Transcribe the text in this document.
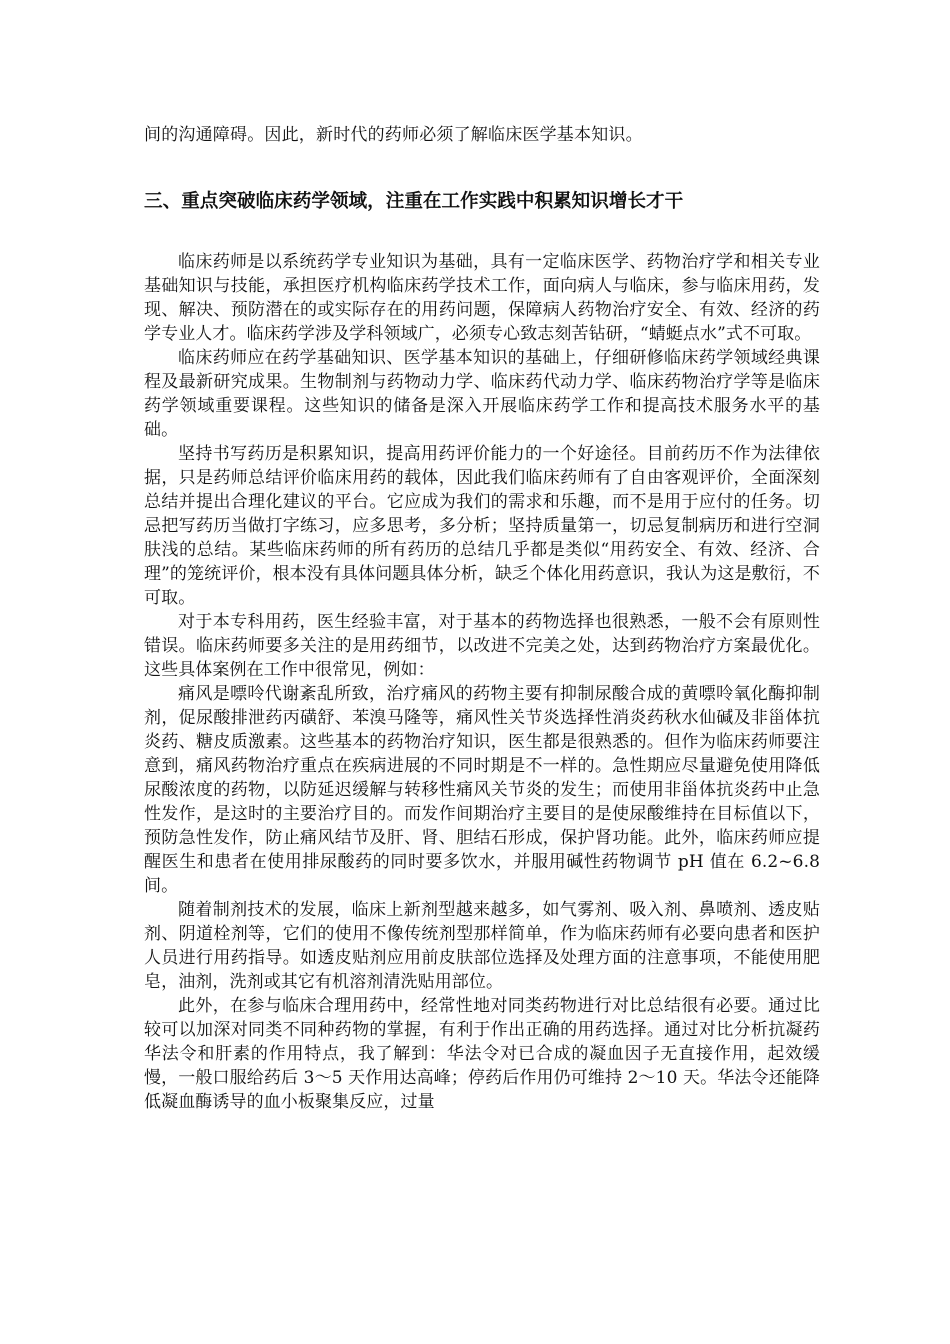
间的沟通障碍。因此，新时代的药师必须了解临床医学基本知识。

三、重点突破临床药学领域，注重在工作实践中积累知识增长才干

临床药师是以系统药学专业知识为基础，具有一定临床医学、药物治疗学和相关专业基础知识与技能，承担医疗机构临床药学技术工作，面向病人与临床，参与临床用药，发现、解决、预防潜在的或实际存在的用药问题，保障病人药物治疗安全、有效、经济的药学专业人才。临床药学涉及学科领域广，必须专心致志刻苦钻研，“蜻蜓点水”式不可取。

临床药师应在药学基础知识、医学基本知识的基础上，仔细研修临床药学领域经典课程及最新研究成果。生物制剂与药物动力学、临床药代动力学、临床药物治疗学等是临床药学领域重要课程。这些知识的储备是深入开展临床药学工作和提高技术服务水平的基础。

坚持书写药历是积累知识，提高用药评价能力的一个好途径。目前药历不作为法律依据，只是药师总结评价临床用药的载体，因此我们临床药师有了自由客观评价，全面深刻总结并提出合理化建议的平台。它应成为我们的需求和乐趣，而不是用于应付的任务。切忌把写药历当做打字练习，应多思考，多分析；坚持质量第一，切忌复制病历和进行空洞肤浅的总结。某些临床药师的所有药历的总结几乎都是类似“用药安全、有效、经济、合理”的笼统评价，根本没有具体问题具体分析，缺乏个体化用药意识，我认为这是敷衍，不可取。

对于本专科用药，医生经验丰富，对于基本的药物选择也很熟悉，一般不会有原则性错误。临床药师要多关注的是用药细节，以改进不完美之处，达到药物治疗方案最优化。这些具体案例在工作中很常见，例如：

痛风是嘌呤代谢紊乱所致，治疗痛风的药物主要有抑制尿酸合成的黄嘌呤氧化酶抑制剂，促尿酸排泄药丙磺舒、苯溴马隆等，痛风性关节炎选择性消炎药秋水仙碱及非甾体抗炎药、糖皮质激素。这些基本的药物治疗知识，医生都是很熟悉的。但作为临床药师要注意到，痛风药物治疗重点在疾病进展的不同时期是不一样的。急性期应尽量避免使用降低尿酸浓度的药物，以防延迟缓解与转移性痛风关节炎的发生；而使用非甾体抗炎药中止急性发作，是这时的主要治疗目的。而发作间期治疗主要目的是使尿酸维持在目标值以下，预防急性发作，防止痛风结节及肝、肾、胆结石形成，保护肾功能。此外，临床药师应提醒医生和患者在使用排尿酸药的同时要多饮水，并服用碱性药物调节 pH 值在 6.2~6.8 间。

随着制剂技术的发展，临床上新剂型越来越多，如气雾剂、吸入剂、鼻喷剂、透皮贴剂、阴道栓剂等，它们的使用不像传统剂型那样简单，作为临床药师有必要向患者和医护人员进行用药指导。如透皮贴剂应用前皮肤部位选择及处理方面的注意事项，不能使用肥皂，油剂，洗剂或其它有机溶剂清洗贴用部位。

此外，在参与临床合理用药中，经常性地对同类药物进行对比总结很有必要。通过比较可以加深对同类不同种药物的掌握，有利于作出正确的用药选择。通过对比分析抗凝药华法令和肝素的作用特点，我了解到：华法令对已合成的凝血因子无直接作用，起效缓慢，一般口服给药后 3～5 天作用达高峰；停药后作用仍可维持 2～10 天。华法令还能降低凝血酶诱导的血小板聚集反应，过量
